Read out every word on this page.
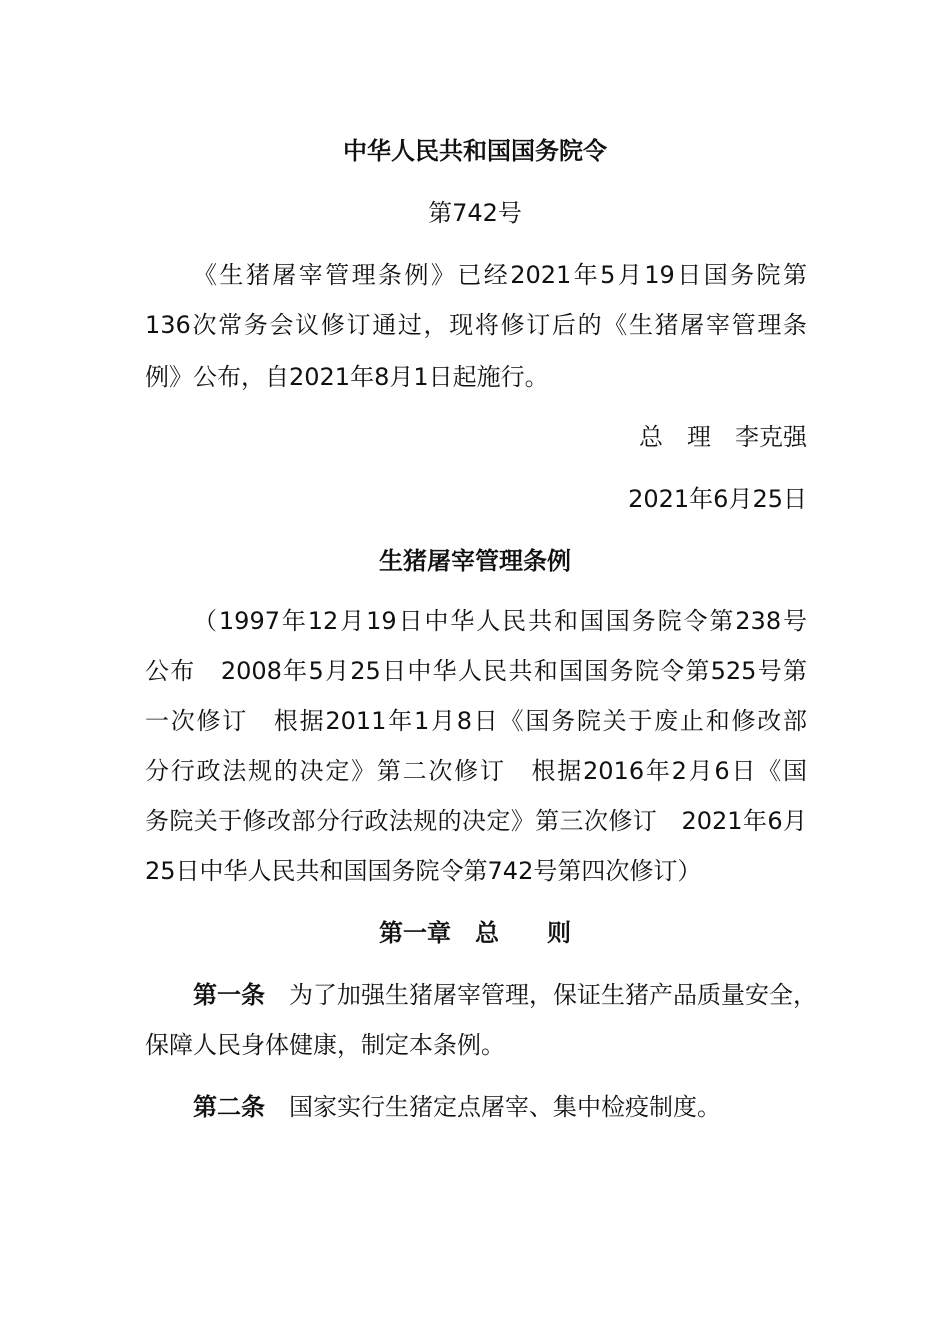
中华人民共和国国务院令

第742号

《生猪屠宰管理条例》已经2021年5月19日国务院第

136次常务会议修订通过，现将修订后的《生猪屠宰管理条

例》公布，自2021年8月1日起施行。

总　理　李克强

2021年6月25日

生猪屠宰管理条例

（1997年12月19日中华人民共和国国务院令第238号

公布　2008年5月25日中华人民共和国国务院令第525号第

一次修订　根据2011年1月8日《国务院关于废止和修改部

分行政法规的决定》第二次修订　根据2016年2月6日《国

务院关于修改部分行政法规的决定》第三次修订　2021年6月

25日中华人民共和国国务院令第742号第四次修订）

第一章　总　　则

第一条　 为了加强生猪屠宰管理，保证生猪产品质量安全，

保障人民身体健康，制定本条例。

第二条　 国家实行生猪定点屠宰、集中检疫制度。
